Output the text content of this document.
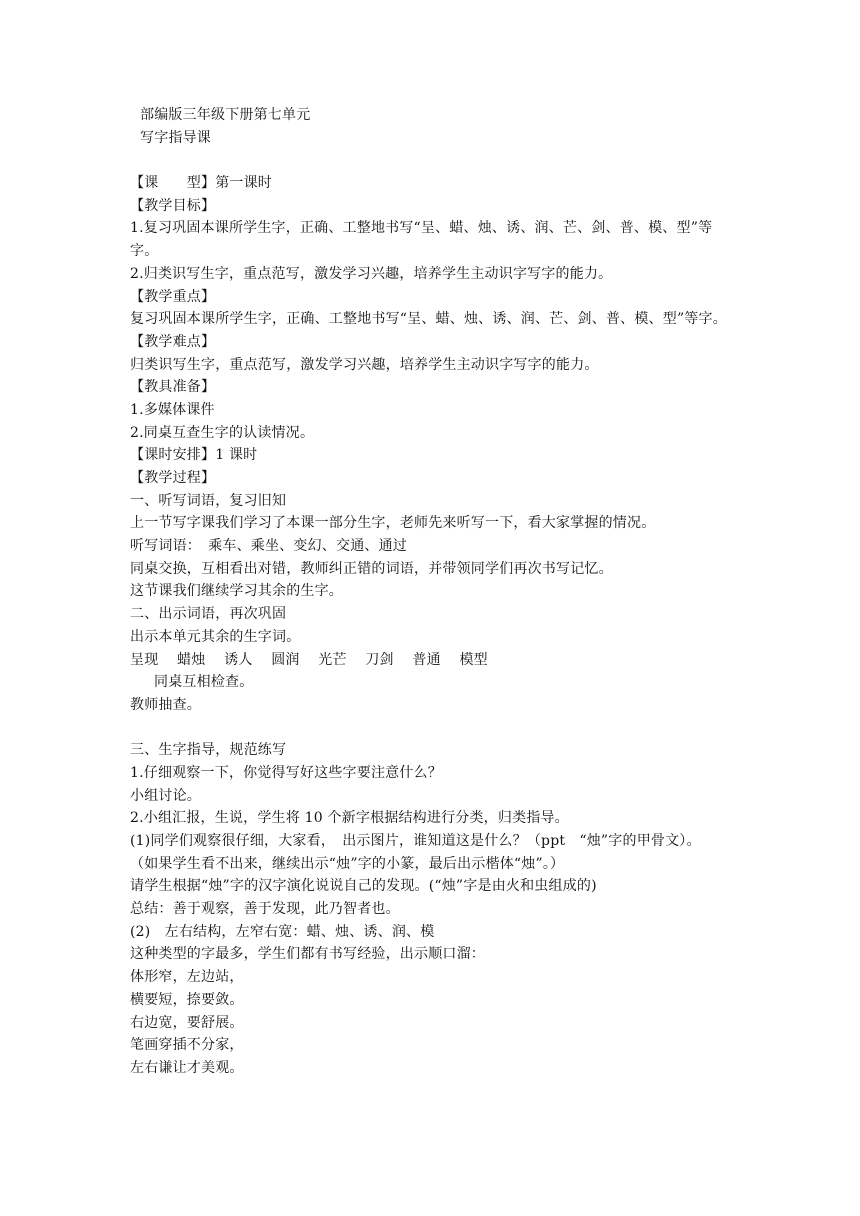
部编版三年级下册第七单元
写字指导课
【课　　型】第一课时
【教学目标】
1.复习巩固本课所学生字，正确、工整地书写“呈、蜡、烛、诱、润、芒、剑、普、模、型”等字。
2.归类识写生字，重点范写，激发学习兴趣，培养学生主动识字写字的能力。
【教学重点】
复习巩固本课所学生字，正确、工整地书写“呈、蜡、烛、诱、润、芒、剑、普、模、型”等字。
【教学难点】
归类识写生字，重点范写，激发学习兴趣，培养学生主动识字写字的能力。
【教具准备】
1.多媒体课件
2.同桌互查生字的认读情况。
【课时安排】1 课时
【教学过程】
一、听写词语，复习旧知
上一节写字课我们学习了本课一部分生字，老师先来听写一下，看大家掌握的情况。
听写词语：　乘车、乘坐、变幻、交通、通过
同桌交换，互相看出对错，教师纠正错的词语，并带领同学们再次书写记忆。
这节课我们继续学习其余的生字。
二、出示词语，再次巩固
出示本单元其余的生字词。
呈现 蜡烛 诱人 圆润 光芒 刀剑 普通 模型
同桌互相检查。
教师抽查。
三、生字指导，规范练写
1.仔细观察一下，你觉得写好这些字要注意什么？
小组讨论。
2.小组汇报，生说，学生将 10 个新字根据结构进行分类，归类指导。
(1)同学们观察很仔细，大家看，　出示图片，谁知道这是什么？（ppt　“烛”字的甲骨文）。
（如果学生看不出来，继续出示“烛”字的小篆，最后出示楷体“烛”。）
请学生根据“烛”字的汉字演化说说自己的发现。(“烛”字是由火和虫组成的)
总结：善于观察，善于发现，此乃智者也。
(2)　左右结构，左窄右宽：蜡、烛、诱、润、模
这种类型的字最多，学生们都有书写经验，出示顺口溜：
体形窄，左边站，
横要短，捺要敛。
右边宽，要舒展。
笔画穿插不分家，
左右谦让才美观。
